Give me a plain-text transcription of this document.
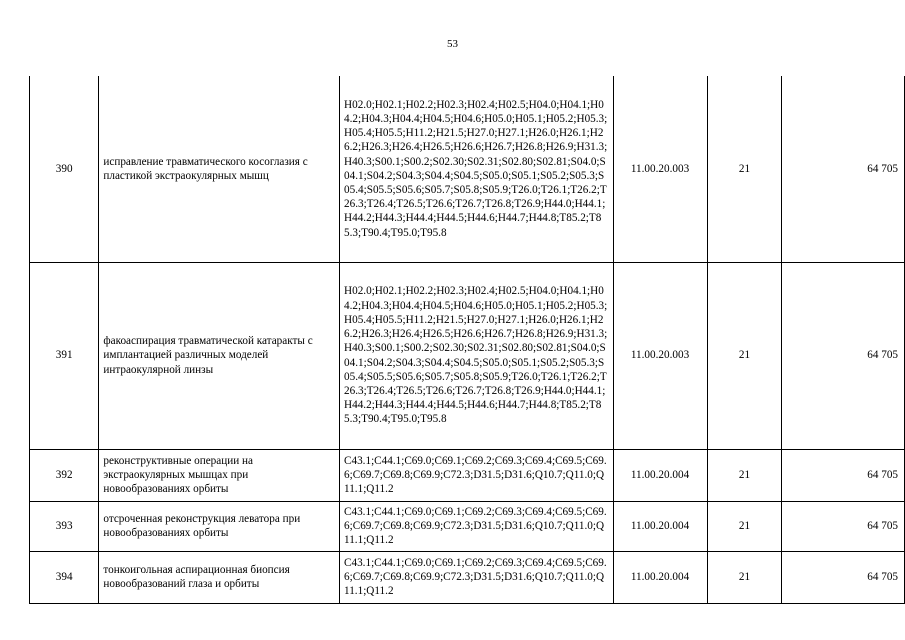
53
390	исправление травматического косоглазия с пластикой экстраокулярных мышц	H02.0;H02.1;H02.2;H02.3;H02.4;H02.5;H04.0;H04.1;H04.2;H04.3;H04.4;H04.5;H04.6;H05.0;H05.1;H05.2;H05.3;H05.4;H05.5;H11.2;H21.5;H27.0;H27.1;H26.0;H26.1;H26.2;H26.3;H26.4;H26.5;H26.6;H26.7;H26.8;H26.9;H31.3;H40.3;S00.1;S00.2;S02.30;S02.31;S02.80;S02.81;S04.0;S04.1;S04.2;S04.3;S04.4;S04.5;S05.0;S05.1;S05.2;S05.3;S05.4;S05.5;S05.6;S05.7;S05.8;S05.9;T26.0;T26.1;T26.2;T26.3;T26.4;T26.5;T26.6;T26.7;T26.8;T26.9;H44.0;H44.1;H44.2;H44.3;H44.4;H44.5;H44.6;H44.7;H44.8;T85.2;T85.3;T90.4;T95.0;T95.8	11.00.20.003	21	64 705
391	факоаспирация травматической катаракты с имплантацией различных моделей интраокулярной линзы	H02.0;H02.1;H02.2;H02.3;H02.4;H02.5;H04.0;H04.1;H04.2;H04.3;H04.4;H04.5;H04.6;H05.0;H05.1;H05.2;H05.3;H05.4;H05.5;H11.2;H21.5;H27.0;H27.1;H26.0;H26.1;H26.2;H26.3;H26.4;H26.5;H26.6;H26.7;H26.8;H26.9;H31.3;H40.3;S00.1;S00.2;S02.30;S02.31;S02.80;S02.81;S04.0;S04.1;S04.2;S04.3;S04.4;S04.5;S05.0;S05.1;S05.2;S05.3;S05.4;S05.5;S05.6;S05.7;S05.8;S05.9;T26.0;T26.1;T26.2;T26.3;T26.4;T26.5;T26.6;T26.7;T26.8;T26.9;H44.0;H44.1;H44.2;H44.3;H44.4;H44.5;H44.6;H44.7;H44.8;T85.2;T85.3;T90.4;T95.0;T95.8	11.00.20.003	21	64 705
392	реконструктивные операции на экстраокулярных мышцах при новообразованиях орбиты	C43.1;C44.1;C69.0;C69.1;C69.2;C69.3;C69.4;C69.5;C69.6;C69.7;C69.8;C69.9;C72.3;D31.5;D31.6;Q10.7;Q11.0;Q11.1;Q11.2	11.00.20.004	21	64 705
393	отсроченная реконструкция леватора при новообразованиях орбиты	C43.1;C44.1;C69.0;C69.1;C69.2;C69.3;C69.4;C69.5;C69.6;C69.7;C69.8;C69.9;C72.3;D31.5;D31.6;Q10.7;Q11.0;Q11.1;Q11.2	11.00.20.004	21	64 705
394	тонкоигольная аспирационная биопсия новообразований глаза и орбиты	C43.1;C44.1;C69.0;C69.1;C69.2;C69.3;C69.4;C69.5;C69.6;C69.7;C69.8;C69.9;C72.3;D31.5;D31.6;Q10.7;Q11.0;Q11.1;Q11.2	11.00.20.004	21	64 705
